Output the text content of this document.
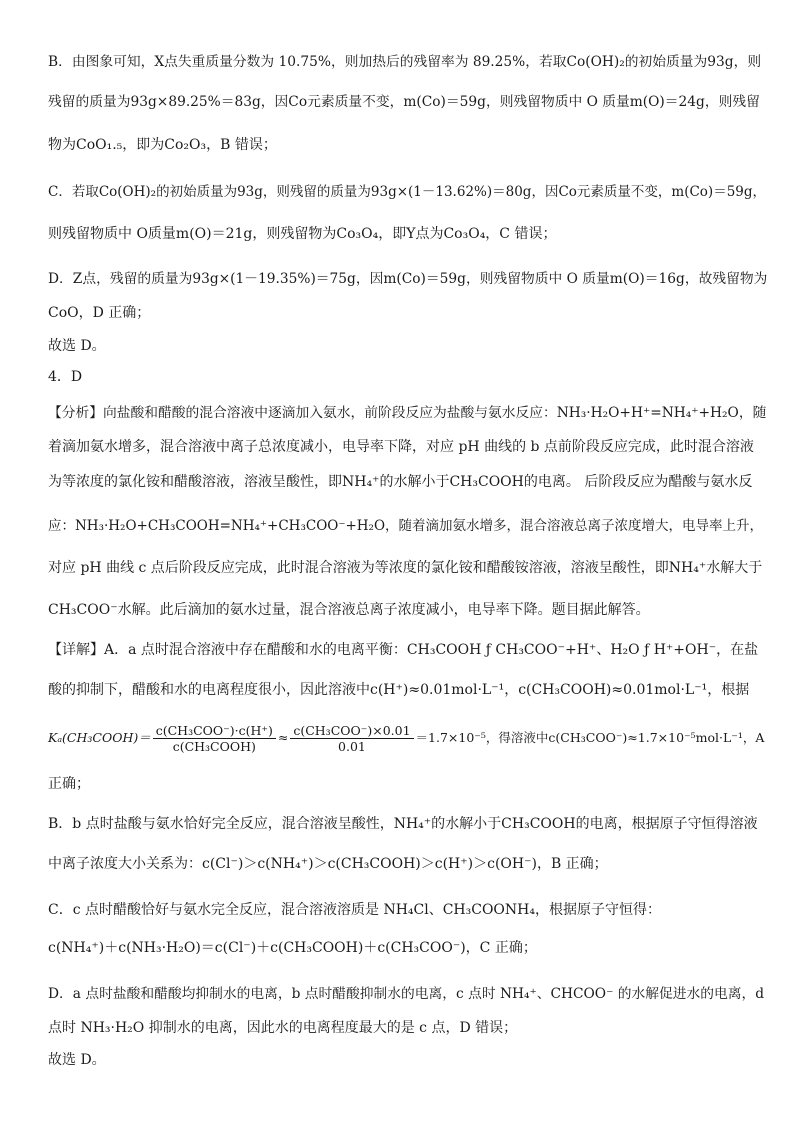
B．由图象可知，X点失重质量分数为 10.75%，则加热后的残留率为 89.25%，若取Co(OH)₂的初始质量为93g，则
残留的质量为93g×89.25%＝83g，因Co元素质量不变，m(Co)＝59g，则残留物质中 O 质量m(O)＝24g，则残留
物为CoO₁.₅，即为Co₂O₃，B 错误；
C．若取Co(OH)₂的初始质量为93g，则残留的质量为93g×(1－13.62%)＝80g，因Co元素质量不变，m(Co)＝59g，
则残留物质中 O质量m(O)＝21g，则残留物为Co₃O₄，即Y点为Co₃O₄，C 错误；
D．Z点，残留的质量为93g×(1－19.35%)＝75g，因m(Co)＝59g，则残留物质中 O 质量m(O)＝16g，故残留物为
CoO，D 正确；
故选 D。
4．D
【分析】向盐酸和醋酸的混合溶液中逐滴加入氨水，前阶段反应为盐酸与氨水反应：NH₃·H₂O+H⁺=NH₄⁺+H₂O，随
着滴加氨水增多，混合溶液中离子总浓度减小，电导率下降，对应 pH 曲线的 b 点前阶段反应完成，此时混合溶液
为等浓度的氯化铵和醋酸溶液，溶液呈酸性，即NH₄⁺的水解小于CH₃COOH的电离。 后阶段反应为醋酸与氨水反
应：NH₃·H₂O+CH₃COOH=NH₄⁺+CH₃COO⁻+H₂O，随着滴加氨水增多，混合溶液总离子浓度增大，电导率上升，
对应 pH 曲线 c 点后阶段反应完成，此时混合溶液为等浓度的氯化铵和醋酸铵溶液，溶液呈酸性，即NH₄⁺水解大于
CH₃COO⁻水解。此后滴加的氨水过量，混合溶液总离子浓度减小，电导率下降。题目据此解答。
【详解】A．a 点时混合溶液中存在醋酸和水的电离平衡：CH₃COOH ƒ CH₃COO⁻+H⁺、H₂O ƒ H⁺+OH⁻，在盐
酸的抑制下，醋酸和水的电离程度很小，因此溶液中c(H⁺)≈0.01mol·L⁻¹，c(CH₃COOH)≈0.01mol·L⁻¹，根据
Kₐ(CH₃COOH)＝ $\frac{\text{c(CH₃COO⁻)·c(H⁺)}}{\text{c(CH₃COOH)}} \approx \frac{\text{c(CH₃COO⁻)×0.01}}{0.01} =1.7\times 10^{-5}$，得溶液中c(CH₃COO⁻)≈1.7×10⁻⁵mol·L⁻¹，A
正确；
B．b 点时盐酸与氨水恰好完全反应，混合溶液呈酸性，NH₄⁺的水解小于CH₃COOH的电离，根据原子守恒得溶液
中离子浓度大小关系为：c(Cl⁻)＞c(NH₄⁺)＞c(CH₃COOH)＞c(H⁺)＞c(OH⁻)，B 正确；
C．c 点时醋酸恰好与氨水完全反应，混合溶液溶质是 NH₄Cl、CH₃COONH₄，根据原子守恒得：
c(NH₄⁺)＋c(NH₃·H₂O)＝c(Cl⁻)＋c(CH₃COOH)＋c(CH₃COO⁻)，C 正确；
D．a 点时盐酸和醋酸均抑制水的电离，b 点时醋酸抑制水的电离，c 点时 NH₄⁺、CHCOO⁻ 的水解促进水的电离，d
点时 NH₃·H₂O 抑制水的电离，因此水的电离程度最大的是 c 点，D 错误；
故选 D。
